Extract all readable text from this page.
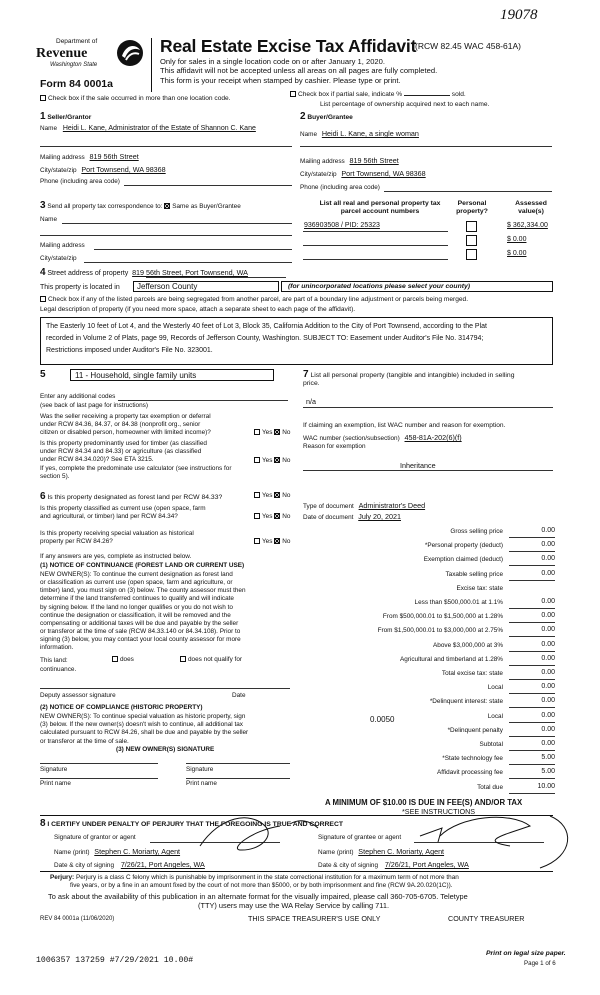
19078
Department of
Revenue
Washington State
Form 84 0001a
Real Estate Excise Tax Affidavit
(RCW 82.45 WAC 458-61A)
Only for sales in a single location code on or after January 1, 2020.
This affidavit will not be accepted unless all areas on all pages are fully completed.
This form is your receipt when stamped by cashier. Please type or print.
Check box if the sale occurred in more than one location code.
Check box if partial sale, indicate %	sold.
List percentage of ownership acquired next to each name.
1 Seller/Grantor
Name Heidi L. Kane, Administrator of the Estate of Shannon C. Kane
Mailing address 819 56th Street
City/state/zip Port Townsend, WA 98368
Phone (including area code)
2 Buyer/Grantee
Name Heidi L. Kane, a single woman
Mailing address 819 56th Street
City/state/zip Port Townsend, WA 98368
Phone (including area code)
3 Send all property tax correspondence to: Same as Buyer/Grantee
Name
Mailing address
City/state/zip
List all real and personal property tax
parcel account numbers
Personal
property?
Assessed
value(s)
936903508 / PID: 25323	$ 362,334.00
$ 0.00
$ 0.00
4 Street address of property 819 56th Street, Port Townsend, WA
This property is located in	Jefferson County	(for unincorporated locations please select your county)
Check box if any of the listed parcels are being segregated from another parcel, are part of a boundary line adjustment or parcels being merged.
Legal description of property (if you need more space, attach a separate sheet to each page of the affidavit).
The Easterly 10 feet of Lot 4, and the Westerly 40 feet of Lot 3, Block 35, California Addition to the City of Port Townsend, according to the Plat
recorded in Volume 2 of Plats, page 99, Records of Jefferson County, Washington. SUBJECT TO: Easement under Auditor's File No. 314794;
Restrictions imposed under Auditor's File No. 323001.
5	11 - Household, single family units
Enter any additional codes
(see back of last page for instructions)
Was the seller receiving a property tax exemption or deferral
under RCW 84.36, 84.37, or 84.38 (nonprofit org., senior
citizen or disabled person, homeowner with limited income)?	Yes No
Is this property predominantly used for timber (as classified
under RCW 84.34 and 84.33) or agriculture (as classified
under RCW 84.34.020)? See ETA 3215.	Yes No
If yes, complete the predominate use calculator (see instructions for
section 5).
6 Is this property designated as forest land per RCW 84.33?	Yes No
Is this property classified as current use (open space, farm
and agricultural, or timber) land per RCW 84.34?	Yes No
Is this property receiving special valuation as historical
property per RCW 84.26?	Yes No
If any answers are yes, complete as instructed below.
(1) NOTICE OF CONTINUANCE (FOREST LAND OR CURRENT USE)
NEW OWNER(S): To continue the current designation as forest land
or classification as current use (open space, farm and agriculture, or
timber) land, you must sign on (3) below. The county assessor must then
determine if the land transferred continues to qualify and will indicate
by signing below. If the land no longer qualifies or you do not wish to
continue the designation or classification, it will be removed and the
compensating or additional taxes will be due and payable by the seller
or transferor at the time of sale (RCW 84.33.140 or 84.34.108). Prior to
signing (3) below, you may contact your local county assessor for more
information.
This land:	does	does not qualify for
continuance.
Deputy assessor signature	Date
(2) NOTICE OF COMPLIANCE (HISTORIC PROPERTY)
NEW OWNER(S): To continue special valuation as historic property, sign
(3) below. If the new owner(s) doesn't wish to continue, all additional tax
calculated pursuant to RCW 84.26, shall be due and payable by the seller
or transferor at the time of sale.
(3) NEW OWNER(S) SIGNATURE
Signature	Signature
Print name	Print name
7 List all personal property (tangible and intangible) included in selling
price.
n/a
If claiming an exemption, list WAC number and reason for exemption.
WAC number (section/subsection) 458-81A-202(6)(f)
Reason for exemption
Inheritance
Type of document Administrator's Deed
Date of document July 20, 2021
Gross selling price	0.00
*Personal property (deduct)	0.00
Exemption claimed (deduct)	0.00
Taxable selling price	0.00
Excise tax: state
Less than $500,000.01 at 1.1%	0.00
From $500,000.01 to $1,500,000 at 1.28%	0.00
From $1,500,000.01 to $3,000,000 at 2.75%	0.00
Above $3,000,000 at 3%	0.00
Agricultural and timberland at 1.28%	0.00
Total excise tax: state	0.00
Local	0.00
*Delinquent interest: state	0.00
Local	0.00
*Delinquent penalty	0.00
Subtotal	0.00
*State technology fee	5.00
Affidavit processing fee	5.00
Total due	10.00
0.0050
A MINIMUM OF $10.00 IS DUE IN FEE(S) AND/OR TAX
*SEE INSTRUCTIONS
8 I CERTIFY UNDER PENALTY OF PERJURY THAT THE FOREGOING IS TRUE AND CORRECT
Signature of grantor or agent
Name (print) Stephen C. Moriarty, Agent
Date & city of signing 7/26/21, Port Angeles, WA
Signature of grantee or agent
Name (print) Stephen C. Moriarty, Agent
Date & city of signing 7/26/21, Port Angeles, WA
Perjury: Perjury is a class C felony which is punishable by imprisonment in the state correctional institution for a maximum term of not more than
five years, or by a fine in an amount fixed by the court of not more than $5000, or by both imprisonment and fine (RCW 9A.20.020(1C)).
To ask about the availability of this publication in an alternate format for the visually impaired, please call 360-705-6705. Teletype
(TTY) users may use the WA Relay Service by calling 711.
REV 84 0001a (11/06/2020)	THIS SPACE TREASURER'S USE ONLY	COUNTY TREASURER
1006357 137259 #7/29/2021 10.00#
Print on legal size paper.
Page 1 of 6
